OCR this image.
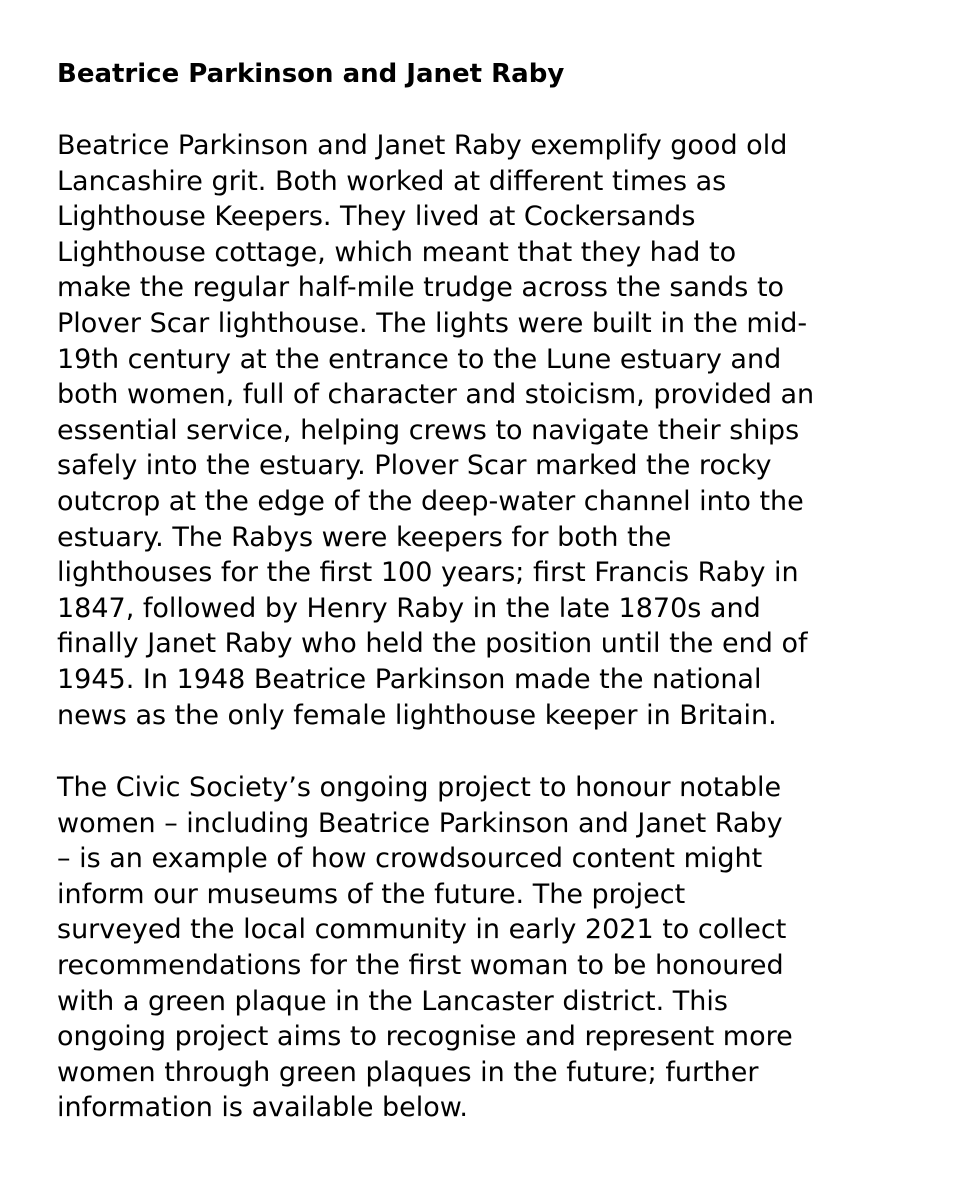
Beatrice Parkinson and Janet Raby

Beatrice Parkinson and Janet Raby exemplify good old
Lancashire grit. Both worked at different times as
Lighthouse Keepers. They lived at Cockersands
Lighthouse cottage, which meant that they had to
make the regular half-mile trudge across the sands to
Plover Scar lighthouse. The lights were built in the mid-
19th century at the entrance to the Lune estuary and
both women, full of character and stoicism, provided an
essential service, helping crews to navigate their ships
safely into the estuary. Plover Scar marked the rocky
outcrop at the edge of the deep-water channel into the
estuary. The Rabys were keepers for both the
lighthouses for the first 100 years; first Francis Raby in
1847, followed by Henry Raby in the late 1870s and
finally Janet Raby who held the position until the end of
1945. In 1948 Beatrice Parkinson made the national
news as the only female lighthouse keeper in Britain.

The Civic Society’s ongoing project to honour notable
women – including Beatrice Parkinson and Janet Raby
– is an example of how crowdsourced content might
inform our museums of the future. The project
surveyed the local community in early 2021 to collect
recommendations for the first woman to be honoured
with a green plaque in the Lancaster district. This
ongoing project aims to recognise and represent more
women through green plaques in the future; further
information is available below.
